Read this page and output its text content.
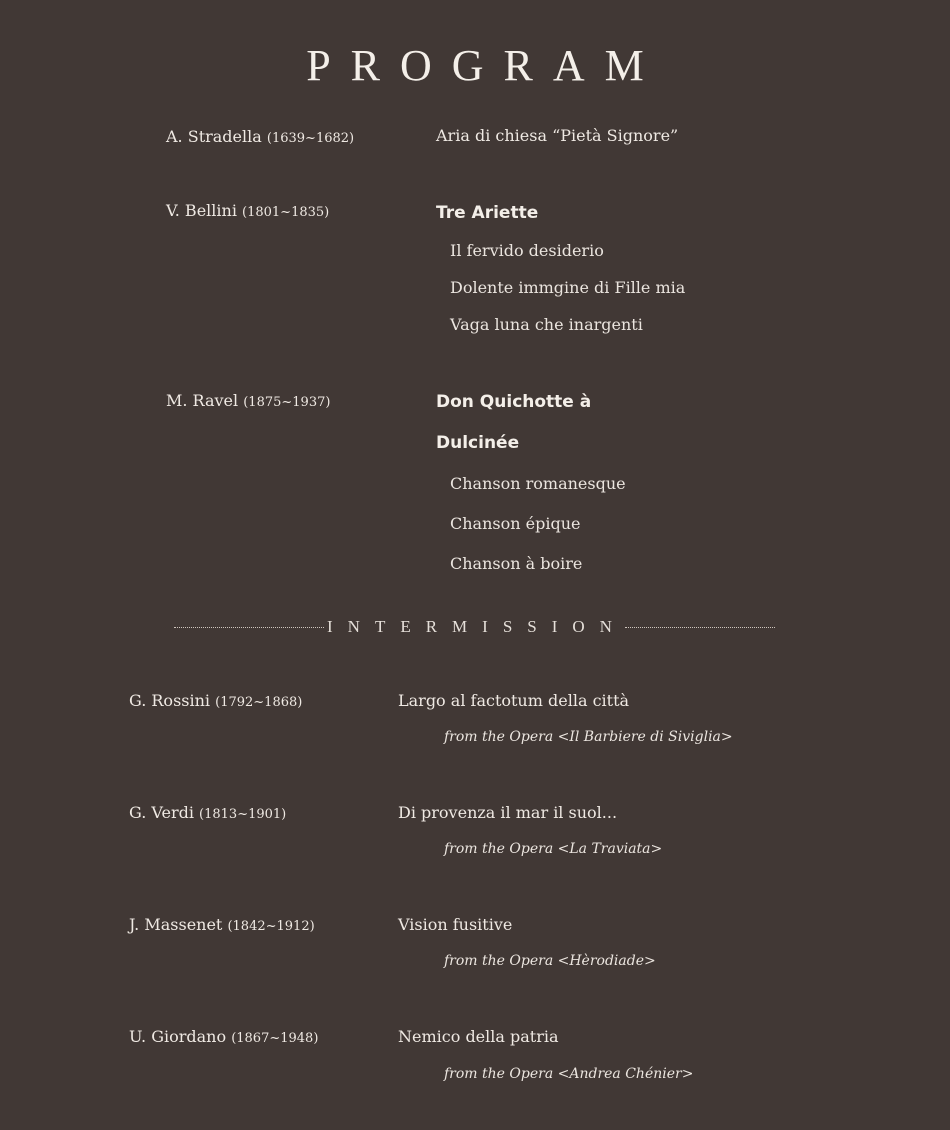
PROGRAM
A. Stradella (1639~1682)	Aria di chiesa “Pietà Signore”
V. Bellini (1801~1835)	Tre Ariette
Il fervido desiderio
Dolente immgine di Fille mia
Vaga luna che inargenti
M. Ravel (1875~1937)	Don Quichotte à
Dulcinée
Chanson romanesque
Chanson épique
Chanson à boire
INTERMISSION
G. Rossini (1792~1868)	Largo al factotum della città
from the Opera <Il Barbiere di Siviglia>
G. Verdi (1813~1901)	Di provenza il mar il suol...
from the Opera <La Traviata>
J. Massenet (1842~1912)	Vision fusitive
from the Opera <Hèrodiade>
U. Giordano (1867~1948)	Nemico della patria
from the Opera <Andrea Chénier>
